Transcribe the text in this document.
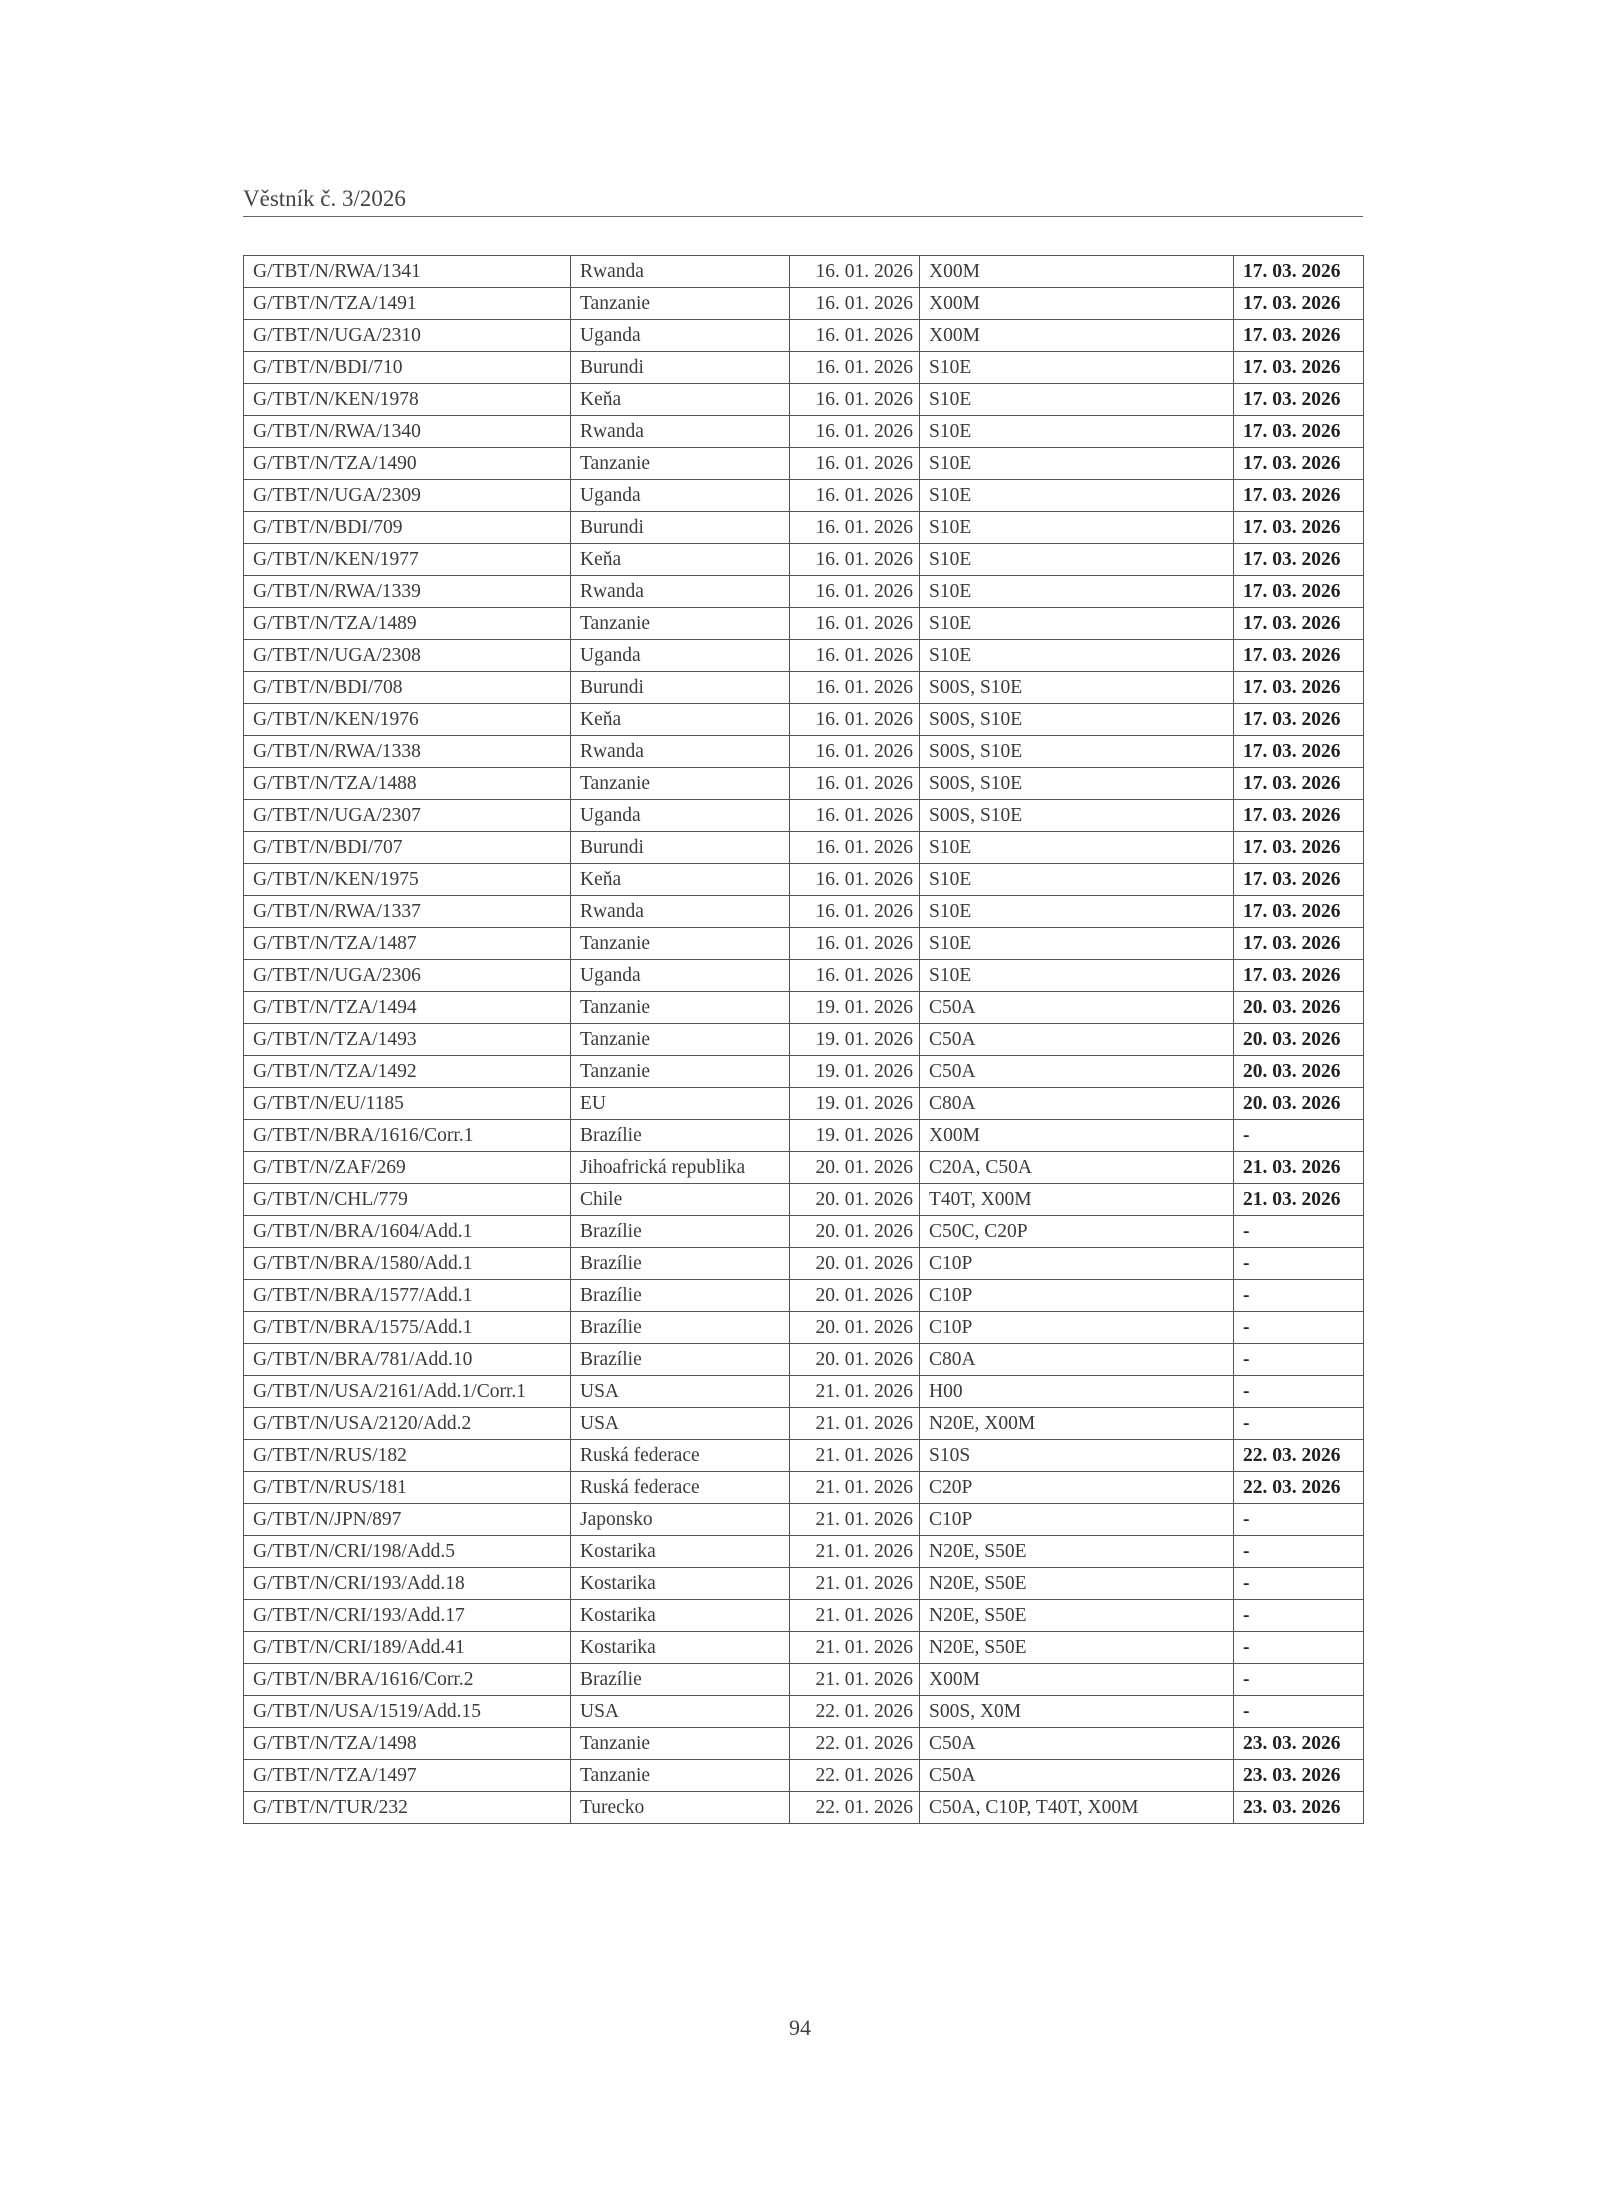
Věstník č. 3/2026
G/TBT/N/RWA/1341	Rwanda	16. 01. 2026	X00M	17. 03. 2026
G/TBT/N/TZA/1491	Tanzanie	16. 01. 2026	X00M	17. 03. 2026
G/TBT/N/UGA/2310	Uganda	16. 01. 2026	X00M	17. 03. 2026
G/TBT/N/BDI/710	Burundi	16. 01. 2026	S10E	17. 03. 2026
G/TBT/N/KEN/1978	Keňa	16. 01. 2026	S10E	17. 03. 2026
G/TBT/N/RWA/1340	Rwanda	16. 01. 2026	S10E	17. 03. 2026
G/TBT/N/TZA/1490	Tanzanie	16. 01. 2026	S10E	17. 03. 2026
G/TBT/N/UGA/2309	Uganda	16. 01. 2026	S10E	17. 03. 2026
G/TBT/N/BDI/709	Burundi	16. 01. 2026	S10E	17. 03. 2026
G/TBT/N/KEN/1977	Keňa	16. 01. 2026	S10E	17. 03. 2026
G/TBT/N/RWA/1339	Rwanda	16. 01. 2026	S10E	17. 03. 2026
G/TBT/N/TZA/1489	Tanzanie	16. 01. 2026	S10E	17. 03. 2026
G/TBT/N/UGA/2308	Uganda	16. 01. 2026	S10E	17. 03. 2026
G/TBT/N/BDI/708	Burundi	16. 01. 2026	S00S, S10E	17. 03. 2026
G/TBT/N/KEN/1976	Keňa	16. 01. 2026	S00S, S10E	17. 03. 2026
G/TBT/N/RWA/1338	Rwanda	16. 01. 2026	S00S, S10E	17. 03. 2026
G/TBT/N/TZA/1488	Tanzanie	16. 01. 2026	S00S, S10E	17. 03. 2026
G/TBT/N/UGA/2307	Uganda	16. 01. 2026	S00S, S10E	17. 03. 2026
G/TBT/N/BDI/707	Burundi	16. 01. 2026	S10E	17. 03. 2026
G/TBT/N/KEN/1975	Keňa	16. 01. 2026	S10E	17. 03. 2026
G/TBT/N/RWA/1337	Rwanda	16. 01. 2026	S10E	17. 03. 2026
G/TBT/N/TZA/1487	Tanzanie	16. 01. 2026	S10E	17. 03. 2026
G/TBT/N/UGA/2306	Uganda	16. 01. 2026	S10E	17. 03. 2026
G/TBT/N/TZA/1494	Tanzanie	19. 01. 2026	C50A	20. 03. 2026
G/TBT/N/TZA/1493	Tanzanie	19. 01. 2026	C50A	20. 03. 2026
G/TBT/N/TZA/1492	Tanzanie	19. 01. 2026	C50A	20. 03. 2026
G/TBT/N/EU/1185	EU	19. 01. 2026	C80A	20. 03. 2026
G/TBT/N/BRA/1616/Corr.1	Brazílie	19. 01. 2026	X00M	-
G/TBT/N/ZAF/269	Jihoafrická republika	20. 01. 2026	C20A, C50A	21. 03. 2026
G/TBT/N/CHL/779	Chile	20. 01. 2026	T40T, X00M	21. 03. 2026
G/TBT/N/BRA/1604/Add.1	Brazílie	20. 01. 2026	C50C, C20P	-
G/TBT/N/BRA/1580/Add.1	Brazílie	20. 01. 2026	C10P	-
G/TBT/N/BRA/1577/Add.1	Brazílie	20. 01. 2026	C10P	-
G/TBT/N/BRA/1575/Add.1	Brazílie	20. 01. 2026	C10P	-
G/TBT/N/BRA/781/Add.10	Brazílie	20. 01. 2026	C80A	-
G/TBT/N/USA/2161/Add.1/Corr.1	USA	21. 01. 2026	H00	-
G/TBT/N/USA/2120/Add.2	USA	21. 01. 2026	N20E, X00M	-
G/TBT/N/RUS/182	Ruská federace	21. 01. 2026	S10S	22. 03. 2026
G/TBT/N/RUS/181	Ruská federace	21. 01. 2026	C20P	22. 03. 2026
G/TBT/N/JPN/897	Japonsko	21. 01. 2026	C10P	-
G/TBT/N/CRI/198/Add.5	Kostarika	21. 01. 2026	N20E, S50E	-
G/TBT/N/CRI/193/Add.18	Kostarika	21. 01. 2026	N20E, S50E	-
G/TBT/N/CRI/193/Add.17	Kostarika	21. 01. 2026	N20E, S50E	-
G/TBT/N/CRI/189/Add.41	Kostarika	21. 01. 2026	N20E, S50E	-
G/TBT/N/BRA/1616/Corr.2	Brazílie	21. 01. 2026	X00M	-
G/TBT/N/USA/1519/Add.15	USA	22. 01. 2026	S00S, X0M	-
G/TBT/N/TZA/1498	Tanzanie	22. 01. 2026	C50A	23. 03. 2026
G/TBT/N/TZA/1497	Tanzanie	22. 01. 2026	C50A	23. 03. 2026
G/TBT/N/TUR/232	Turecko	22. 01. 2026	C50A, C10P, T40T, X00M	23. 03. 2026
94
